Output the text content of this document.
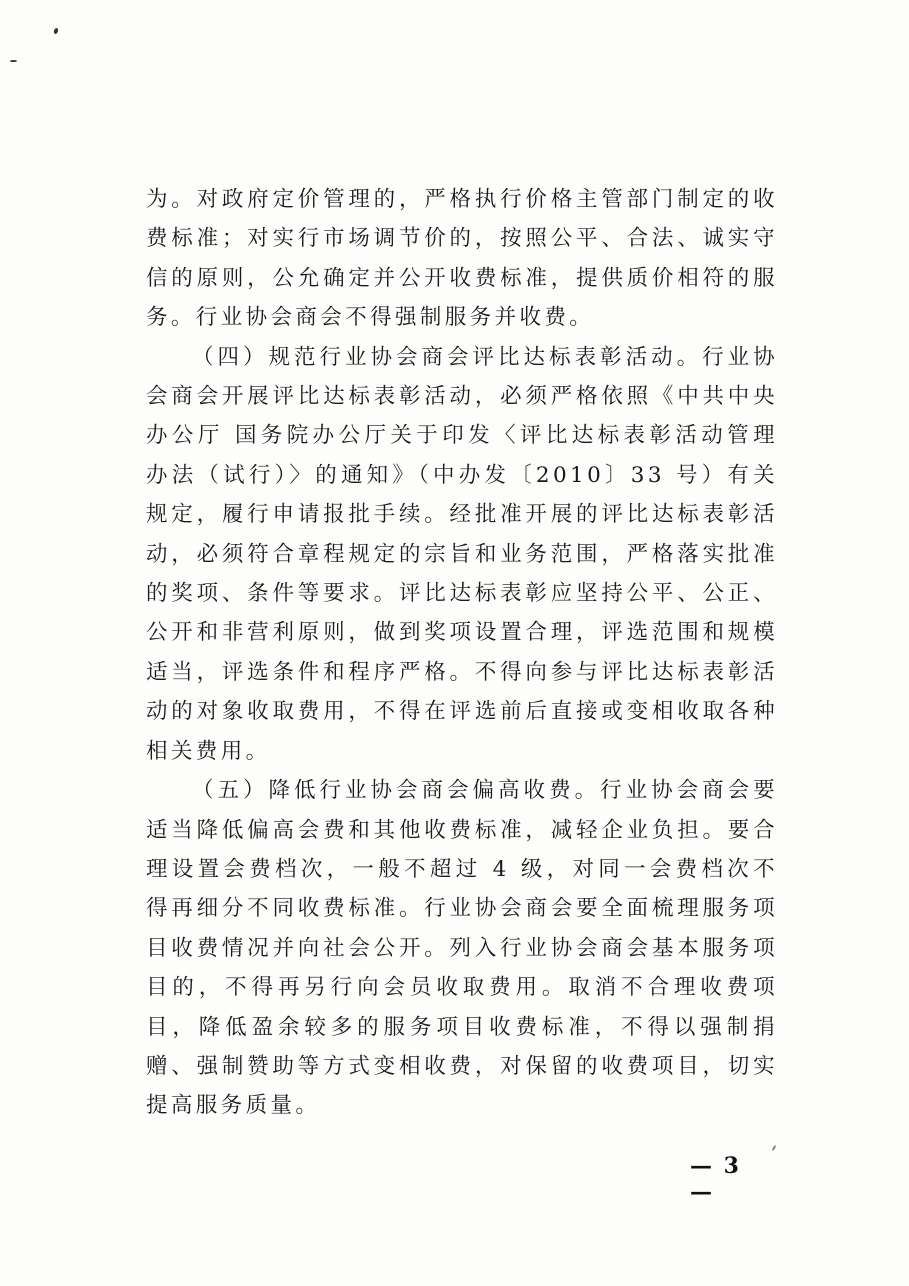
为。对政府定价管理的，严格执行价格主管部门制定的收费标准；对实行市场调节价的，按照公平、合法、诚实守信的原则，公允确定并公开收费标准，提供质价相符的服务。行业协会商会不得强制服务并收费。

（四）规范行业协会商会评比达标表彰活动。行业协会商会开展评比达标表彰活动，必须严格依照《中共中央办公厅 国务院办公厅关于印发〈评比达标表彰活动管理办法（试行）〉的通知》（中办发〔2010〕33 号）有关规定，履行申请报批手续。经批准开展的评比达标表彰活动，必须符合章程规定的宗旨和业务范围，严格落实批准的奖项、条件等要求。评比达标表彰应坚持公平、公正、公开和非营利原则，做到奖项设置合理，评选范围和规模适当，评选条件和程序严格。不得向参与评比达标表彰活动的对象收取费用，不得在评选前后直接或变相收取各种相关费用。

（五）降低行业协会商会偏高收费。行业协会商会要适当降低偏高会费和其他收费标准，减轻企业负担。要合理设置会费档次，一般不超过 4 级，对同一会费档次不得再细分不同收费标准。行业协会商会要全面梳理服务项目收费情况并向社会公开。列入行业协会商会基本服务项目的，不得再另行向会员收取费用。取消不合理收费项目，降低盈余较多的服务项目收费标准，不得以强制捐赠、强制赞助等方式变相收费，对保留的收费项目，切实提高服务质量。

— 3 —
